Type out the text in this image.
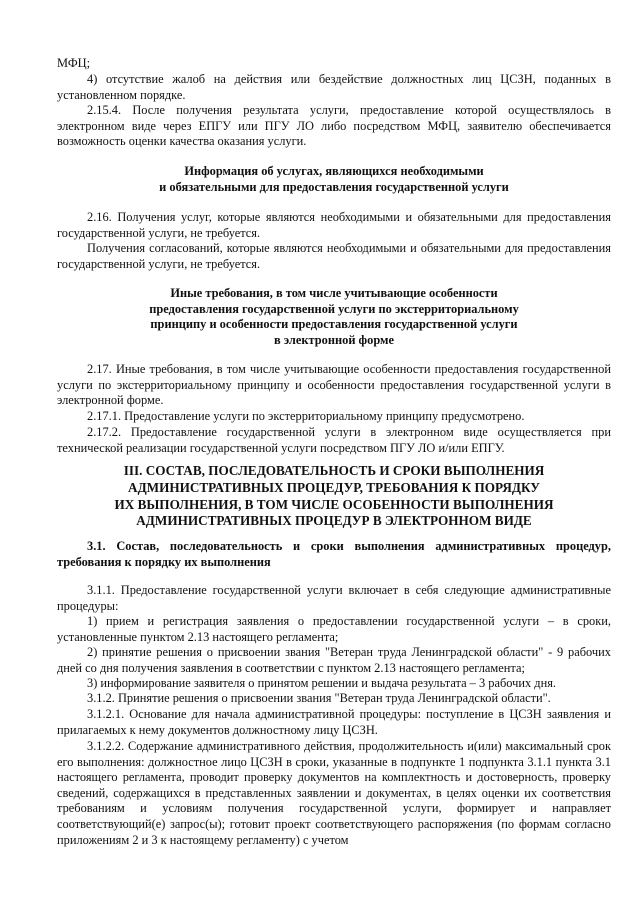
МФЦ;

4) отсутствие жалоб на действия или бездействие должностных лиц ЦСЗН, поданных в установленном порядке.

2.15.4. После получения результата услуги, предоставление которой осуществлялось в электронном виде через ЕПГУ или ПГУ ЛО либо посредством МФЦ, заявителю обеспечивается возможность оценки качества оказания услуги.

Информация об услугах, являющихся необходимыми
и обязательными для предоставления государственной услуги

2.16. Получения услуг, которые являются необходимыми и обязательными для предоставления государственной услуги, не требуется.

Получения согласований, которые являются необходимыми и обязательными для предоставления государственной услуги, не требуется.

Иные требования, в том числе учитывающие особенности
предоставления государственной услуги по экстерриториальному
принципу и особенности предоставления государственной услуги
в электронной форме

2.17. Иные требования, в том числе учитывающие особенности предоставления государственной услуги по экстерриториальному принципу и особенности предоставления государственной услуги в электронной форме.

2.17.1. Предоставление услуги по экстерриториальному принципу предусмотрено.

2.17.2. Предоставление государственной услуги в электронном виде осуществляется при технической реализации государственной услуги посредством ПГУ ЛО и/или ЕПГУ.

III. СОСТАВ, ПОСЛЕДОВАТЕЛЬНОСТЬ И СРОКИ ВЫПОЛНЕНИЯ
АДМИНИСТРАТИВНЫХ ПРОЦЕДУР, ТРЕБОВАНИЯ К ПОРЯДКУ
ИХ ВЫПОЛНЕНИЯ, В ТОМ ЧИСЛЕ ОСОБЕННОСТИ ВЫПОЛНЕНИЯ
АДМИНИСТРАТИВНЫХ ПРОЦЕДУР В ЭЛЕКТРОННОМ ВИДЕ

3.1. Состав, последовательность и сроки выполнения административных процедур, требования к порядку их выполнения

3.1.1. Предоставление государственной услуги включает в себя следующие административные процедуры:

1) прием и регистрация заявления о предоставлении государственной услуги – в сроки, установленные пунктом 2.13 настоящего регламента;

2) принятие решения о присвоении звания "Ветеран труда Ленинградской области" - 9 рабочих дней со дня получения заявления в соответствии с пунктом 2.13 настоящего регламента;

3) информирование заявителя о принятом решении и выдача результата – 3 рабочих дня.

3.1.2. Принятие решения о присвоении звания "Ветеран труда Ленинградской области".

3.1.2.1. Основание для начала административной процедуры: поступление в ЦСЗН заявления и прилагаемых к нему документов должностному лицу ЦСЗН.

3.1.2.2. Содержание административного действия, продолжительность и(или) максимальный срок его выполнения: должностное лицо ЦСЗН в сроки, указанные в подпункте 1 подпункта 3.1.1 пункта 3.1 настоящего регламента, проводит проверку документов на комплектность и достоверность, проверку сведений, содержащихся в представленных заявлении и документах, в целях оценки их соответствия требованиям и условиям получения государственной услуги, формирует и направляет соответствующий(е) запрос(ы); готовит проект соответствующего распоряжения (по формам согласно приложениям 2 и 3 к настоящему регламенту) с учетом
